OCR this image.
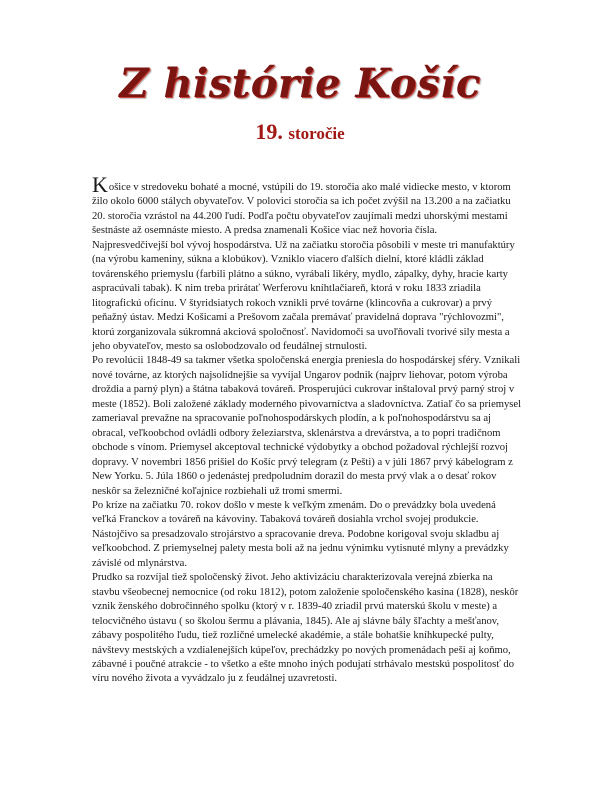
Z histórie Košíc
19. storočie

Košice v stredoveku bohaté a mocné, vstúpili do 19. storočia ako malé vidiecke mesto, v ktorom žilo okolo 6000 stálych obyvateľov. V polovici storočia sa ich počet zvýšil na 13.200 a na začiatku 20. storočia vzrástol na 44.200 ľudí. Podľa počtu obyvateľov zaujímali medzi uhorskými mestami šestnáste až osemnáste miesto. A predsa znamenali Košice viac než hovoria čísla.

Najpresvedčivejší bol vývoj hospodárstva. Už na začiatku storočia pôsobili v meste tri manufaktúry (na výrobu kameniny, súkna a klobúkov). Vzniklo viacero ďalších dielní, ktoré kládli základ továrenského priemyslu (farbili plátno a súkno, vyrábali likéry, mydlo, zápalky, dyhy, hracie karty aspracúvali tabak). K nim treba prirátať Werferovu kníhtlačiareň, ktorá v roku 1833 zriadila litografickú oficínu. V štyridsiatych rokoch vznikli prvé továrne (klincovňa a cukrovar) a prvý peňažný ústav. Medzi Košicami a Prešovom začala premávať pravidelná doprava "rýchlovozmi", ktorú zorganizovala súkromná akciová spoločnosť. Navidomoči sa uvoľňovali tvorivé sily mesta a jeho obyvateľov, mesto sa oslobodzovalo od feudálnej strnulosti.

Po revolúcii 1848-49 sa takmer všetka spoločenská energia preniesla do hospodárskej sféry. Vznikali nové továrne, az ktorých najsolídnejšie sa vyvíjal Ungarov podnik (najprv liehovar, potom výroba droždia a parný plyn) a štátna tabaková továreň. Prosperujúci cukrovar inštaloval prvý parný stroj v meste (1852). Boli založené základy moderného pivovarníctva a sladovníctva. Zatiaľ čo sa priemysel zameriaval prevažne na spracovanie poľnohospodárskych plodín, a k poľnohospodárstvu sa aj obracal, veľkoobchod ovládli odbory železiarstva, sklenárstva a drevárstva, a to popri tradičnom obchode s vínom. Priemysel akceptoval technické výdobytky a obchod požadoval rýchlejší rozvoj dopravy. V novembri 1856 prišiel do Košíc prvý telegram (z Pešti) a v júli 1867 prvý kábelogram z New Yorku. 5. Júla 1860 o jedenástej predpoludním dorazil do mesta prvý vlak a o desať rokov neskôr sa železničné koľajnice rozbiehali už tromi smermi.

Po kríze na začiatku 70. rokov došlo v meste k veľkým zmenám. Do o prevádzky bola uvedená veľká Franckov a továreň na kávoviny. Tabaková továreň dosiahla vrchol svojej produkcie. Nástojčivo sa presadzovalo strojárstvo a spracovanie dreva. Podobne korigoval svoju skladbu aj veľkoobchod. Z priemyselnej palety mesta boli až na jednu výnimku vytisnuté mlyny a prevádzky závislé od mlynárstva.

Prudko sa rozvíjal tiež spoločenský život. Jeho aktivizáciu charakterizovala verejná zbierka na stavbu všeobecnej nemocnice (od roku 1812), potom založenie spoločenského kasína (1828), neskôr vznik ženského dobročinného spolku (ktorý v r. 1839-40 zriadil prvú materskú školu v meste) a telocvičného ústavu ( so školou šermu a plávania, 1845). Ale aj slávne bály šľachty a mešťanov, zábavy pospolitého ľudu, tiež rozličné umelecké akadémie, a stále bohatšie kníhkupecké pulty, návštevy mestských a vzdialenejších kúpeľov, prechádzky po nových promenádach peši aj koňmo, zábavné i poučné atrakcie - to všetko a ešte mnoho iných podujatí strhávalo mestskú pospolitosť do víru nového života a vyvádzalo ju z feudálnej uzavretosti.
